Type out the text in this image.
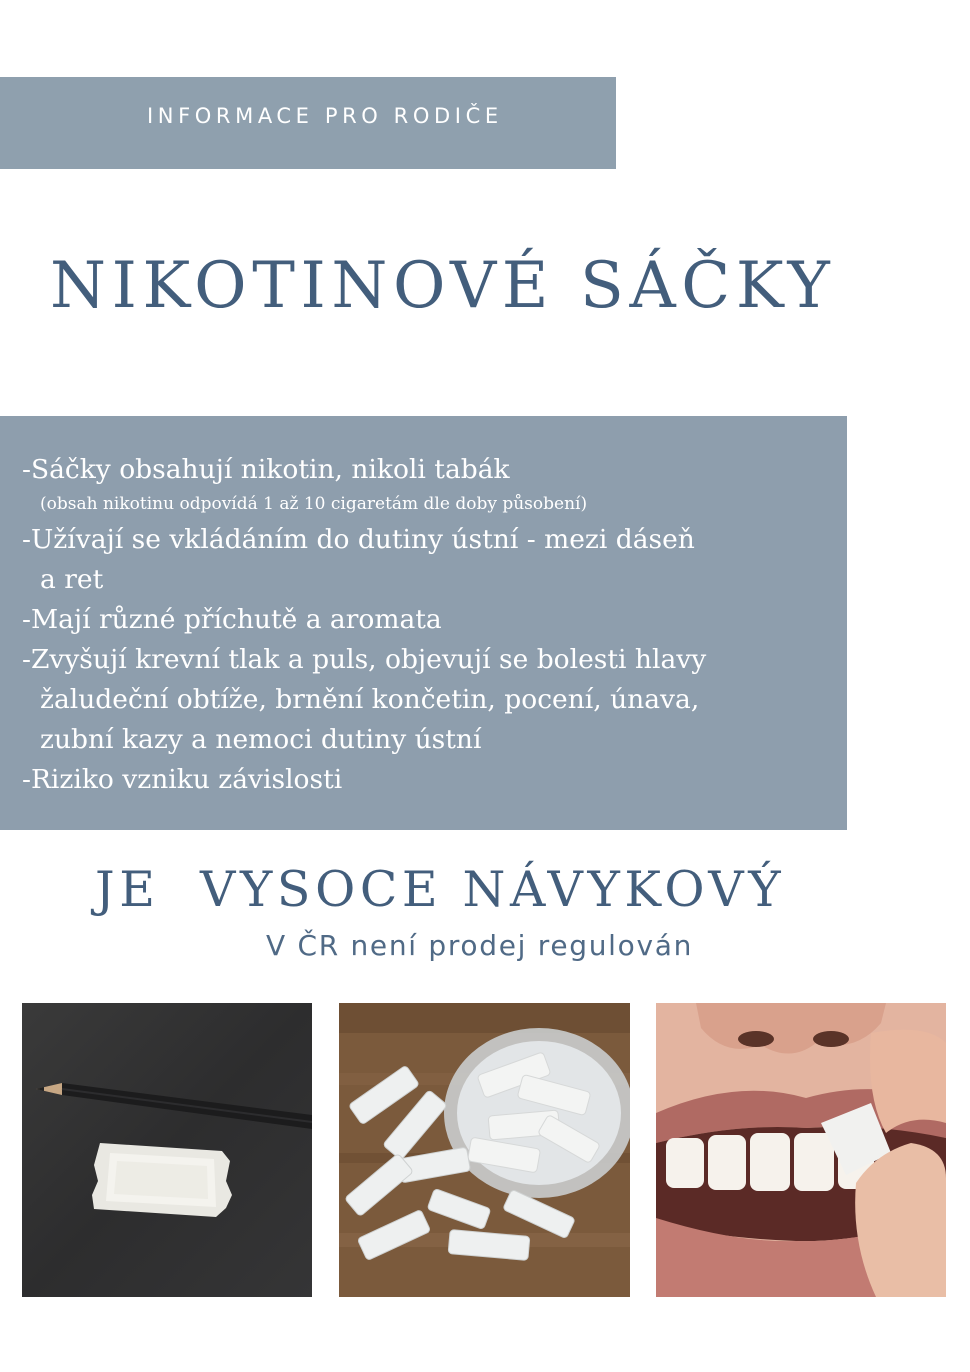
INFORMACE PRO RODIČE
NIKOTINOVÉ SÁČKY
-Sáčky obsahují nikotin, nikoli tabák
(obsah nikotinu odpovídá 1 až 10 cigaretám dle doby působení)
-Užívají se vkládáním do dutiny ústní - mezi dáseň
a ret
-Mají různé příchutě a aromata
-Zvyšují krevní tlak a puls, objevují se bolesti hlavy
žaludeční obtíže, brnění končetin, pocení, únava,
zubní kazy a nemoci dutiny ústní
-Riziko vzniku závislosti
JE  VYSOCE NÁVYKOVÝ
V ČR není prodej regulován
